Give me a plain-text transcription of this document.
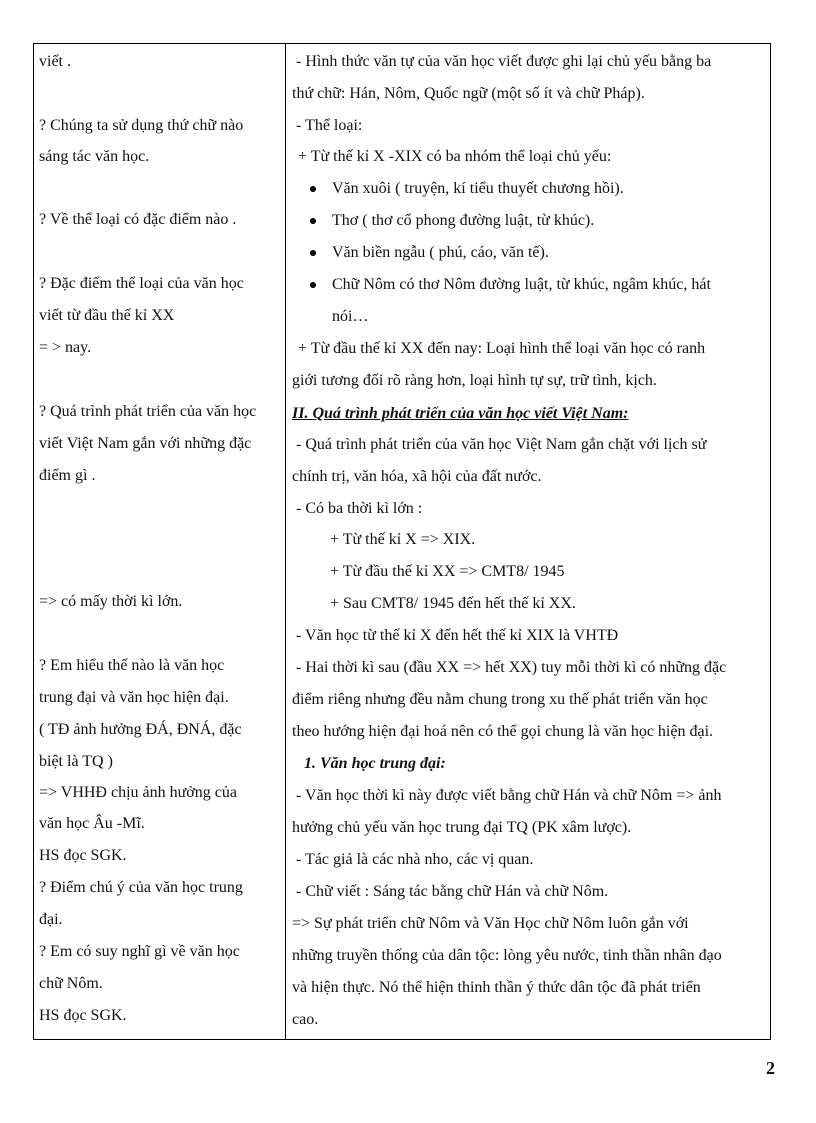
viết .
? Chúng ta sử dụng thứ chữ nào
sáng tác văn học.
? Về thể loại có đặc điểm nào .
? Đặc điểm thể loại của văn học
viết từ đầu thế kỉ XX
= > nay.
? Quá trình phát triển của văn học
viết Việt Nam gắn với những đặc
điểm gì .
=> có mấy thời kì lớn.
? Em hiểu thế nào là văn học
trung đại và văn học hiện đại.
( TĐ ảnh hưởng ĐÁ, ĐNÁ, đặc
biệt là TQ )
=> VHHĐ chịu ảnh hưởng của
văn học Âu -Mĩ.
HS đọc SGK.
? Điểm chú ý của văn học trung
đại.
? Em có suy nghĩ gì về văn học
chữ Nôm.
HS đọc SGK.
- Hình thức văn tự của văn học viết được ghi lại chủ yếu bằng ba
thứ chữ: Hán, Nôm, Quốc ngữ (một số ít và chữ Pháp).
- Thể loại:
+ Từ thế kỉ X -XIX có ba nhóm thể loại chủ yếu:
Văn xuôi ( truyện, kí tiểu thuyết chương hồi).
Thơ ( thơ cổ phong đường luật, từ khúc).
Văn biền ngẫu ( phú, cáo, văn tế).
Chữ Nôm có thơ Nôm đường luật, từ khúc, ngâm khúc, hát
nói…
+ Từ đầu thế kỉ XX đến nay: Loại hình thể loại văn học có ranh
giới tương đối rõ ràng hơn, loại hình tự sự, trữ tình, kịch.
II. Quá trình phát triển của văn học viết Việt Nam:
- Quá trình phát triển của văn học Việt Nam gắn chặt với lịch sử
chính trị, văn hóa, xã hội của đất nước.
- Có ba thời kì lớn :
+ Từ thế kỉ X => XIX.
+ Từ đầu thế kỉ XX => CMT8/ 1945
+ Sau CMT8/ 1945 đến hết thế kỉ XX.
- Văn học từ thế kỉ X đến hết thế kỉ XIX là VHTĐ
- Hai thời kì sau (đầu XX => hết XX) tuy mỗi thời kì có những đặc
điểm riêng nhưng đều nằm chung trong xu thế phát triển văn học
theo hướng hiện đại hoá nên có thể gọi chung là văn học hiện đại.
1. Văn học trung đại:
- Văn học thời kì này được viết bằng chữ Hán và chữ Nôm => ảnh
hưởng chủ yếu văn học trung đại TQ (PK xâm lược).
- Tác giả là các nhà nho, các vị quan.
- Chữ viết : Sáng tác bằng chữ Hán và chữ Nôm.
=> Sự phát triển chữ Nôm và Văn Học chữ Nôm luôn gắn với
những truyền thống của dân tộc: lòng yêu nước, tinh thần nhân đạo
và hiện thực. Nó thể hiện thinh thần ý thức dân tộc đã phát triển
cao.
2
